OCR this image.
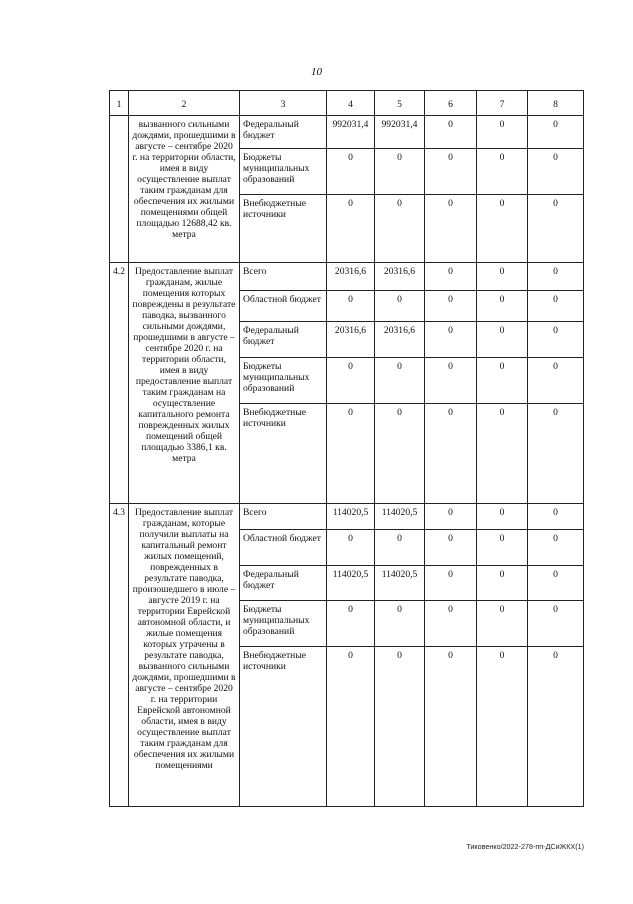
10
1	2	3	4	5	6	7	8
	вызванного сильными дождями, прошедшими в августе – сентябре 2020 г. на территории области, имея в виду осуществление выплат таким гражданам для обеспечения их жилыми помещениями общей площадью 12688,42 кв. метра	Федеральный бюджет	992031,4	992031,4	0	0	0
		Бюджеты муниципальных образований	0	0	0	0	0
		Внебюджетные источники	0	0	0	0	0
4.2	Предоставление выплат гражданам, жилые помещения которых повреждены в результате паводка, вызванного сильными дождями, прошедшими в августе – сентябре 2020 г. на территории области, имея в виду предоставление выплат таким гражданам на осуществление капитального ремонта поврежденных жилых помещений общей площадью 3386,1 кв. метра	Всего	20316,6	20316,6	0	0	0
		Областной бюджет	0	0	0	0	0
		Федеральный бюджет	20316,6	20316,6	0	0	0
		Бюджеты муниципальных образований	0	0	0	0	0
		Внебюджетные источники	0	0	0	0	0
4.3	Предоставление выплат гражданам, которые получили выплаты на капитальный ремонт жилых помещений, поврежденных в результате паводка, произошедшего в июле – августе 2019 г. на территории Еврейской автономной области, и жилые помещения которых утрачены в результате паводка, вызванного сильными дождями, прошедшими в августе – сентябре 2020 г. на территории Еврейской автономной области, имея в виду осуществление выплат таким гражданам для обеспечения их жилыми помещениями	Всего	114020,5	114020,5	0	0	0
		Областной бюджет	0	0	0	0	0
		Федеральный бюджет	114020,5	114020,5	0	0	0
		Бюджеты муниципальных образований	0	0	0	0	0
		Внебюджетные источники	0	0	0	0	0
Тиковенко/2022-278-пп-ДСиЖКХ(1)
